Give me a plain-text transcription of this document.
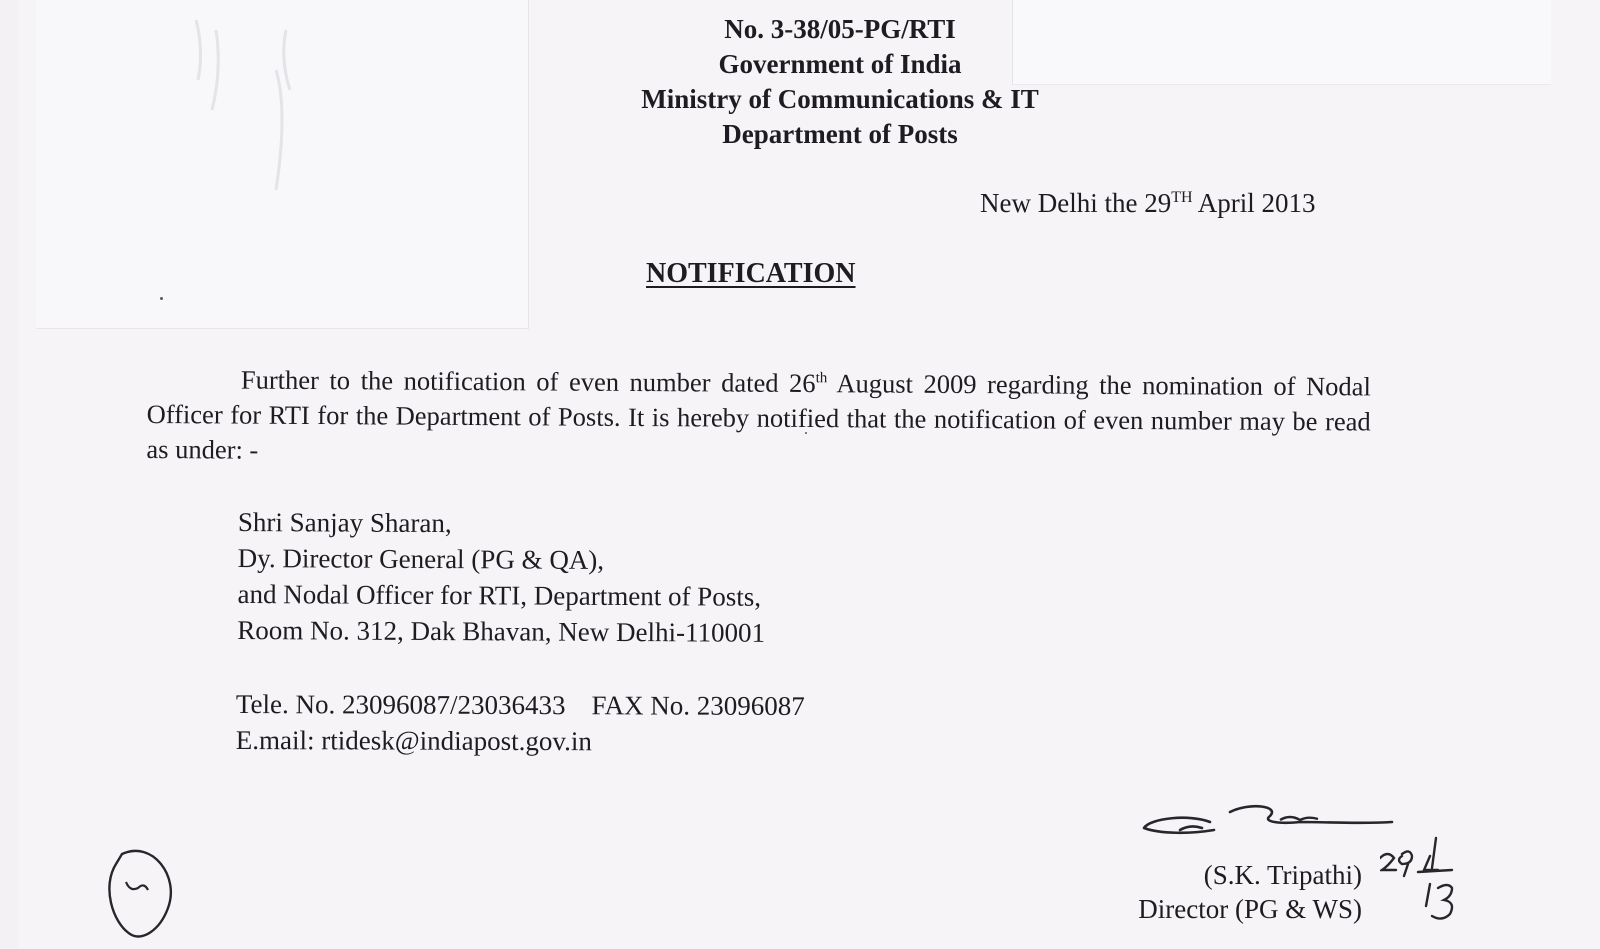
No. 3-38/05-PG/RTI
Government of India
Ministry of Communications & IT
Department of Posts
New Delhi the 29TH April 2013
NOTIFICATION
Further to the notification of even number dated 26th August 2009 regarding the nomination of Nodal Officer for RTI for the Department of Posts. It is hereby notified that the notification of even number may be read as under: -
Shri Sanjay Sharan,
Dy. Director General (PG & QA),
and Nodal Officer for RTI, Department of Posts,
Room No. 312, Dak Bhavan, New Delhi-110001
Tele. No. 23096087/23036433 FAX No. 23096087
E.mail: rtidesk@indiapost.gov.in
(S.K. Tripathi)
Director (PG & WS)
